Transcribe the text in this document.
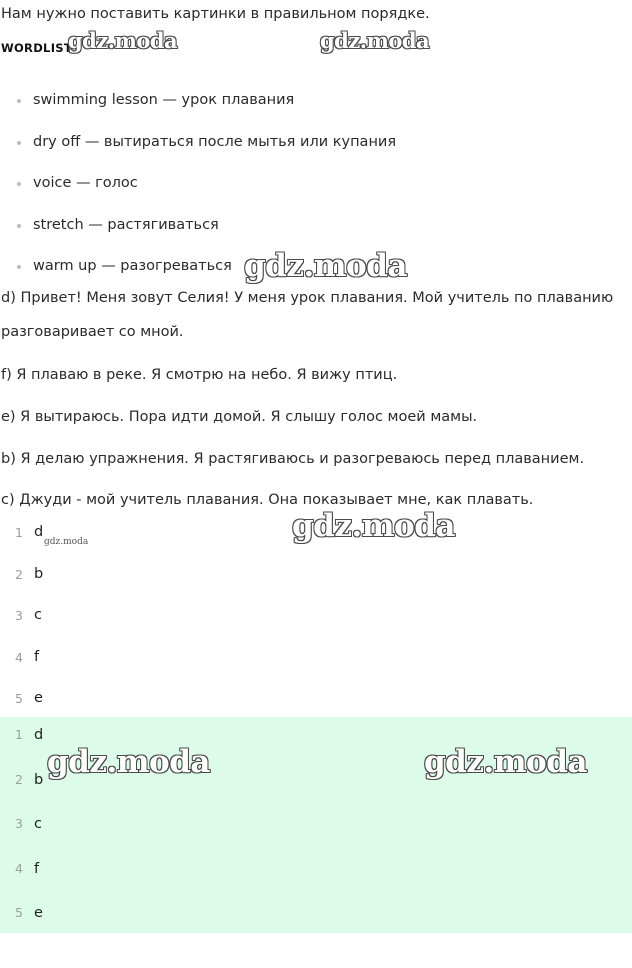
Нам нужно поставить картинки в правильном порядке.
WORDLIST
gdz.moda	gdz.moda
swimming lesson — урок плавания
dry off — вытираться после мытья или купания
voice — голос
stretch — растягиваться
warm up — разогреваться gdz.moda
d) Привет! Меня зовут Селия! У меня урок плавания. Мой учитель по плаванию
разговаривает со мной.
f) Я плаваю в реке. Я смотрю на небо. Я вижу птиц.
e) Я вытираюсь. Пора идти домой. Я слышу голос моей мамы.
b) Я делаю упражнения. Я растягиваюсь и разогреваюсь перед плаванием.
c) Джуди - мой учитель плавания. Она показывает мне, как плавать.
1 d
2 b
3 c
4 f
5 e
gdz.moda	gdz.moda
1 d
2 b
3 c
4 f
5 e
gdz.moda	gdz.moda
